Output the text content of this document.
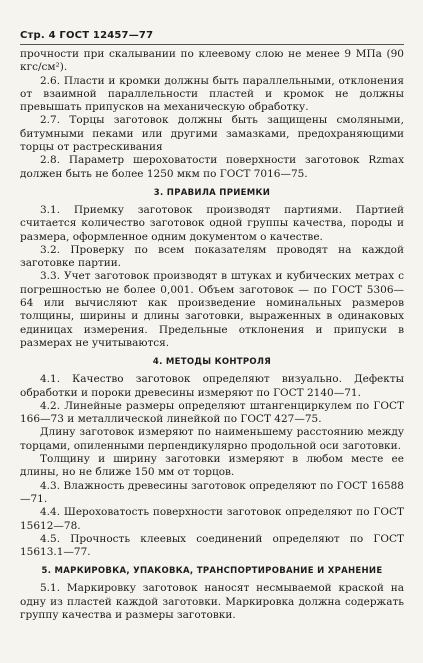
Стр. 4 ГОСТ 12457—77

прочности при скалывании по клеевому слою не менее 9 МПа (90 кгс/см²).

2.6. Пласти и кромки должны быть параллельными, отклонения от взаимной параллельности пластей и кромок не должны превышать припусков на механическую обработку.

2.7. Торцы заготовок должны быть защищены смоляными, битумными пеками или другими замазками, предохраняющими торцы от растрескивания

2.8. Параметр шероховатости поверхности заготовок Rzmax должен быть не более 1250 мкм по ГОСТ 7016—75.

3. ПРАВИЛА ПРИЕМКИ

3.1. Приемку заготовок производят партиями. Партией считается количество заготовок одной группы качества, породы и размера, оформленное одним документом о качестве.

3.2. Проверку по всем показателям проводят на каждой заготовке партии.

3.3. Учет заготовок производят в штуках и кубических метрах с погрешностью не более 0,001. Объем заготовок — по ГОСТ 5306—64 или вычисляют как произведение номинальных размеров толщины, ширины и длины заготовки, выраженных в одинаковых единицах измерения. Предельные отклонения и припуски в размерах не учитываются.

4. МЕТОДЫ КОНТРОЛЯ

4.1. Качество заготовок определяют визуально. Дефекты обработки и пороки древесины измеряют по ГОСТ 2140—71.

4.2. Линейные размеры определяют штангенциркулем по ГОСТ 166—73 и металлической линейкой по ГОСТ 427—75.

Длину заготовок измеряют по наименьшему расстоянию между торцами, опиленными перпендикулярно продольной оси заготовки.

Толщину и ширину заготовки измеряют в любом месте ее длины, но не ближе 150 мм от торцов.

4.3. Влажность древесины заготовок определяют по ГОСТ 16588—71.

4.4. Шероховатость поверхности заготовок определяют по ГОСТ 15612—78.

4.5. Прочность клеевых соединений определяют по ГОСТ 15613.1—77.

5. МАРКИРОВКА, УПАКОВКА, ТРАНСПОРТИРОВАНИЕ И ХРАНЕНИЕ

5.1. Маркировку заготовок наносят несмываемой краской на одну из пластей каждой заготовки. Маркировка должна содержать группу качества и размеры заготовки.
